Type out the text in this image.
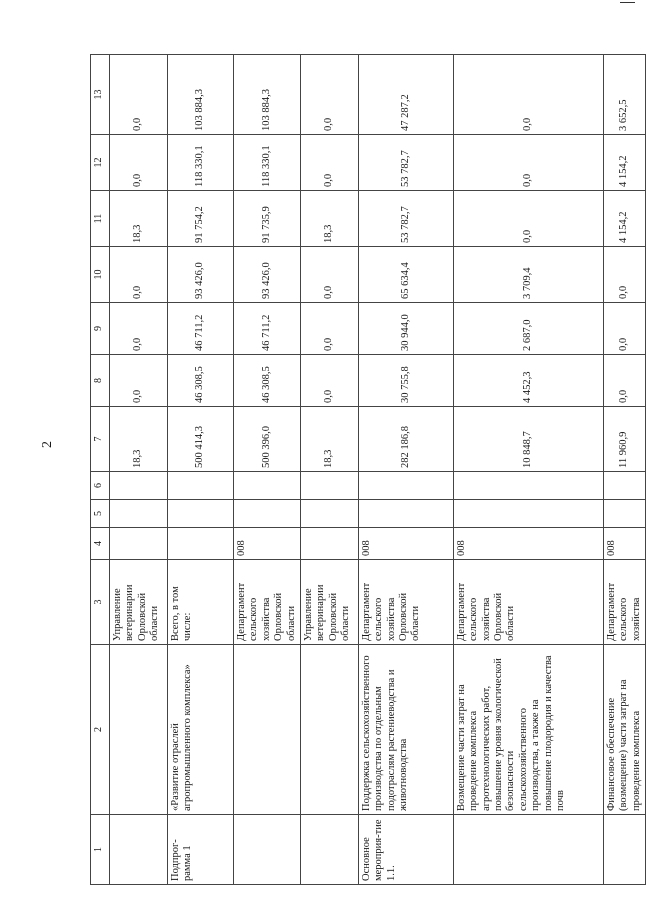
2
1	2	3	4	5	6	7	8	9	10	11	12	13
		Управление ветеринарии Орловской области				18,3	0,0	0,0	0,0	18,3	0,0	0,0
Подпрог-рамма 1	«Развитие отраслей агропромышленного комплекса»	Всего, в том числе:				500 414,3	46 308,5	46 711,2	93 426,0	91 754,2	118 330,1	103 884,3
		Департамент сельского хозяйства Орловской области	008			500 396,0	46 308,5	46 711,2	93 426,0	91 735,9	118 330,1	103 884,3
		Управление ветеринарии Орловской области				18,3	0,0	0,0	0,0	18,3	0,0	0,0
Основное мероприя-тие 1.1.	Поддержка сельскохозяйственного производства по отдельным подотраслям растениеводства и животноводства	Департамент сельского хозяйства Орловской области	008			282 186,8	30 755,8	30 944,0	65 634,4	53 782,7	53 782,7	47 287,2
	Возмещение части затрат на проведение комплекса агротехнологических работ, повышение уровня экологической безопасности сельскохозяйственного производства, а также на повышение плодородия и качества почв	Департамент сельского хозяйства Орловской области	008			10 848,7	4 452,3	2 687,0	3 709,4	0,0	0,0	0,0
	Финансовое обеспечение (возмещение) части затрат на проведение комплекса	Департамент сельского хозяйства	008			11 960,9	0,0	0,0	0,0	4 154,2	4 154,2	3 652,5
